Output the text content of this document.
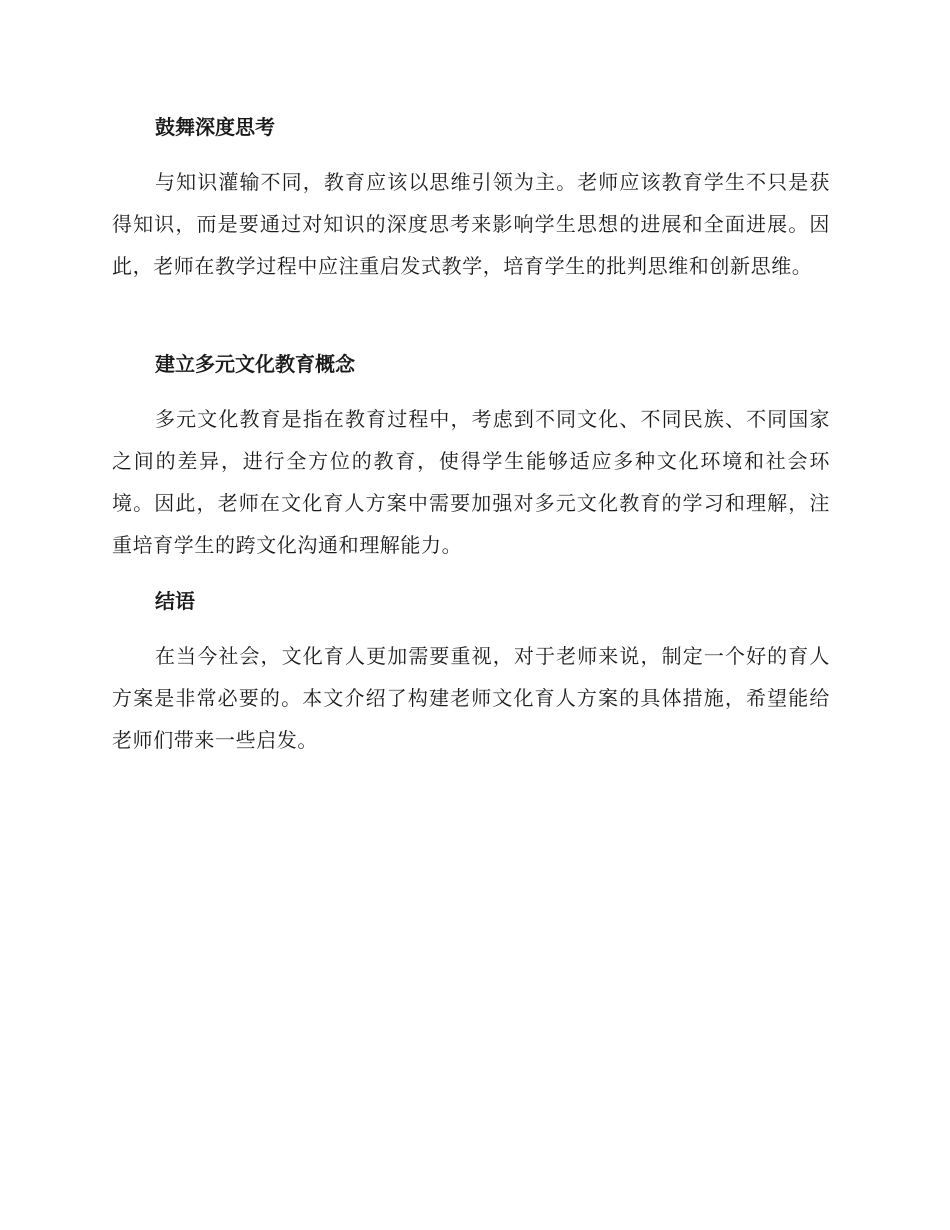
鼓舞深度思考

与知识灌输不同，教育应该以思维引领为主。老师应该教育学生不只是获得知识，而是要通过对知识的深度思考来影响学生思想的进展和全面进展。因此，老师在教学过程中应注重启发式教学，培育学生的批判思维和创新思维。

建立多元文化教育概念

多元文化教育是指在教育过程中，考虑到不同文化、不同民族、不同国家之间的差异，进行全方位的教育，使得学生能够适应多种文化环境和社会环境。因此，老师在文化育人方案中需要加强对多元文化教育的学习和理解，注重培育学生的跨文化沟通和理解能力。

结语

在当今社会，文化育人更加需要重视，对于老师来说，制定一个好的育人方案是非常必要的。本文介绍了构建老师文化育人方案的具体措施，希望能给老师们带来一些启发。
